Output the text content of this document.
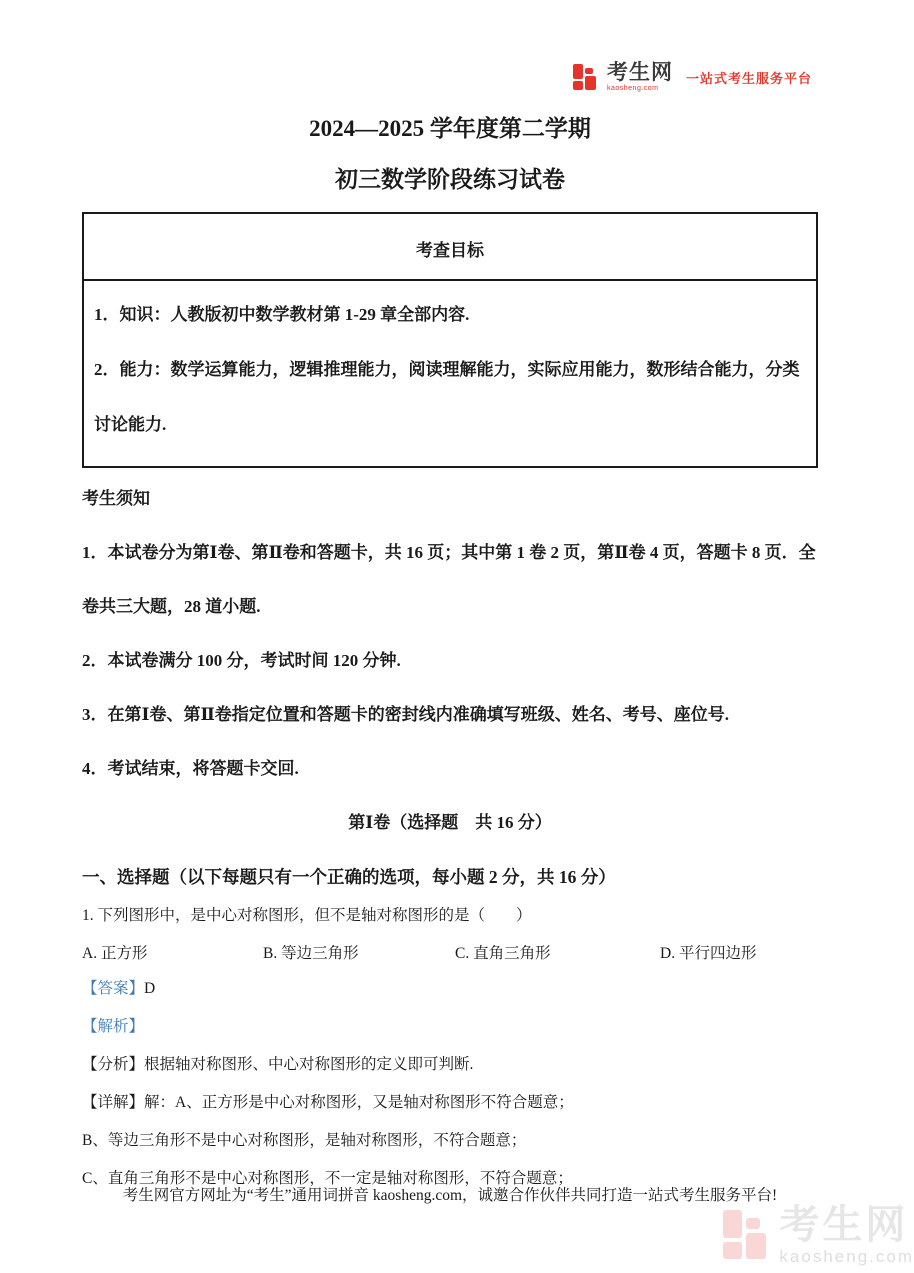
考生网
kaosheng.com
一站式考生服务平台
2024—2025 学年度第二学期
初三数学阶段练习试卷
考查目标

1．知识：人教版初中数学教材第 1-29 章全部内容.

2．能力：数学运算能力，逻辑推理能力，阅读理解能力，实际应用能力，数形结合能力，分类讨论能力.

考生须知

1．本试卷分为第Ⅰ卷、第Ⅱ卷和答题卡，共 16 页；其中第 1 卷 2 页，第Ⅱ卷 4 页，答题卡 8 页．全卷共三大题，28 道小题.

2．本试卷满分 100 分，考试时间 120 分钟.

3．在第Ⅰ卷、第Ⅱ卷指定位置和答题卡的密封线内准确填写班级、姓名、考号、座位号.

4．考试结束，将答题卡交回.

第Ⅰ卷（选择题　共 16 分）

一、选择题（以下每题只有一个正确的选项，每小题 2 分，共 16 分）

1. 下列图形中，是中心对称图形，但不是轴对称图形的是（　　）

A. 正方形	B. 等边三角形	C. 直角三角形	D. 平行四边形

【答案】D

【解析】

【分析】根据轴对称图形、中心对称图形的定义即可判断.

【详解】解：A、正方形是中心对称图形，又是轴对称图形不符合题意；

B、等边三角形不是中心对称图形，是轴对称图形，不符合题意；

C、直角三角形不是中心对称图形，不一定是轴对称图形，不符合题意；

考生网官方网址为“考生”通用词拼音 kaosheng.com，诚邀合作伙伴共同打造一站式考生服务平台!
考生网
kaosheng.com
